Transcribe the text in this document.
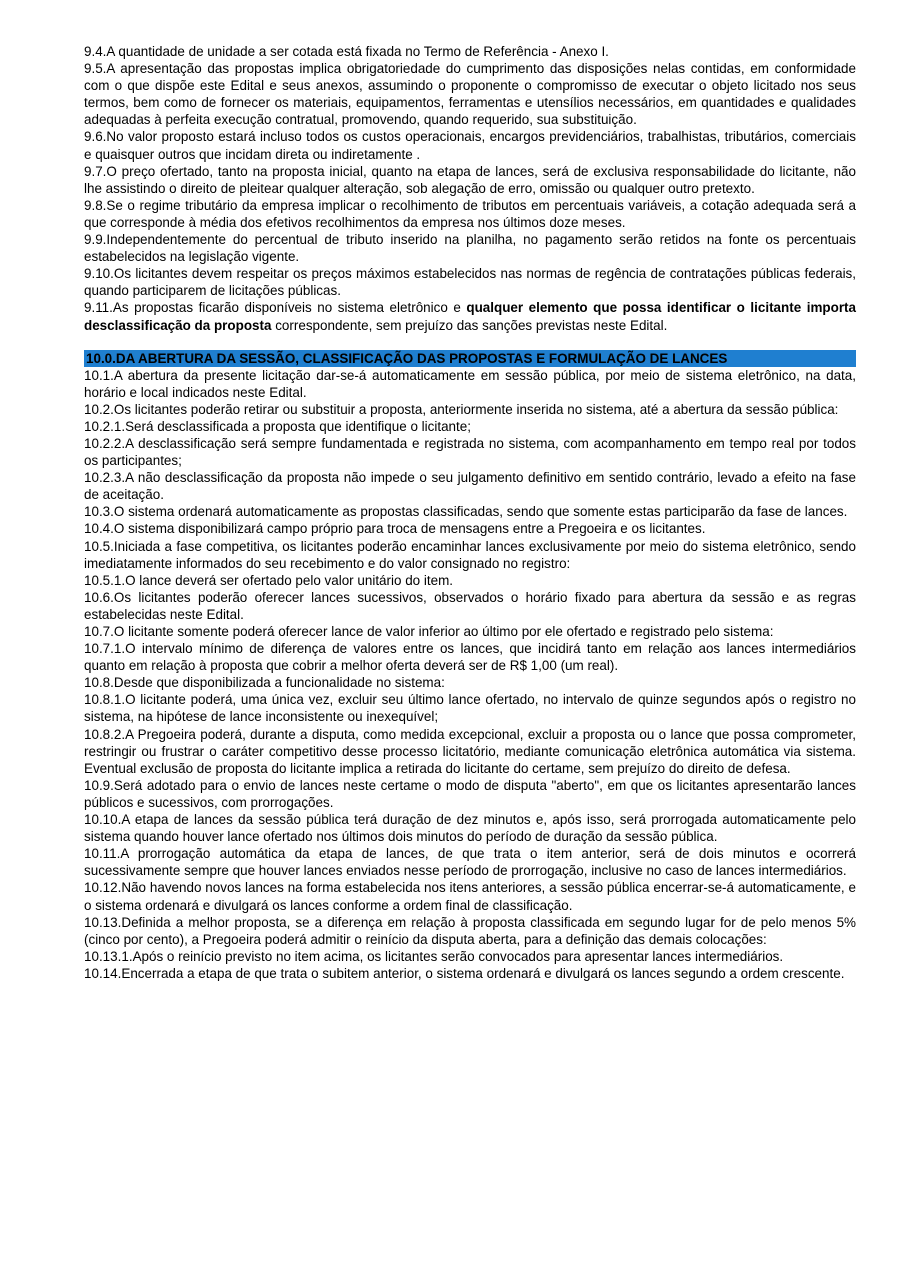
9.4.A quantidade de unidade a ser cotada está fixada no Termo de Referência - Anexo I.

9.5.A apresentação das propostas implica obrigatoriedade do cumprimento das disposições nelas contidas, em conformidade com o que dispõe este Edital e seus anexos, assumindo o proponente o compromisso de executar o objeto licitado nos seus termos, bem como de fornecer os materiais, equipamentos, ferramentas e utensílios necessários, em quantidades e qualidades adequadas à perfeita execução contratual, promovendo, quando requerido, sua substituição.

9.6.No valor proposto estará incluso todos os custos operacionais, encargos previdenciários, trabalhistas, tributários, comerciais e quaisquer outros que incidam direta ou indiretamente .

9.7.O preço ofertado, tanto na proposta inicial, quanto na etapa de lances, será de exclusiva responsabilidade do licitante, não lhe assistindo o direito de pleitear qualquer alteração, sob alegação de erro, omissão ou qualquer outro pretexto.

9.8.Se o regime tributário da empresa implicar o recolhimento de tributos em percentuais variáveis, a cotação adequada será a que corresponde à média dos efetivos recolhimentos da empresa nos últimos doze meses.

9.9.Independentemente do percentual de tributo inserido na planilha, no pagamento serão retidos na fonte os percentuais estabelecidos na legislação vigente.

9.10.Os licitantes devem respeitar os preços máximos estabelecidos nas normas de regência de contratações públicas federais, quando participarem de licitações públicas.

9.11.As propostas ficarão disponíveis no sistema eletrônico e qualquer elemento que possa identificar o licitante importa desclassificação da proposta correspondente, sem prejuízo das sanções previstas neste Edital.

10.0.DA ABERTURA DA SESSÃO, CLASSIFICAÇÃO DAS PROPOSTAS E FORMULAÇÃO DE LANCES

10.1.A abertura da presente licitação dar-se-á automaticamente em sessão pública, por meio de sistema eletrônico, na data, horário e local indicados neste Edital.

10.2.Os licitantes poderão retirar ou substituir a proposta, anteriormente inserida no sistema, até a abertura da sessão pública:

10.2.1.Será desclassificada a proposta que identifique o licitante;

10.2.2.A desclassificação será sempre fundamentada e registrada no sistema, com acompanhamento em tempo real por todos os participantes;

10.2.3.A não desclassificação da proposta não impede o seu julgamento definitivo em sentido contrário, levado a efeito na fase de aceitação.

10.3.O sistema ordenará automaticamente as propostas classificadas, sendo que somente estas participarão da fase de lances.

10.4.O sistema disponibilizará campo próprio para troca de mensagens entre a Pregoeira e os licitantes.

10.5.Iniciada a fase competitiva, os licitantes poderão encaminhar lances exclusivamente por meio do sistema eletrônico, sendo imediatamente informados do seu recebimento e do valor consignado no registro:

10.5.1.O lance deverá ser ofertado pelo valor unitário do item.

10.6.Os licitantes poderão oferecer lances sucessivos, observados o horário fixado para abertura da sessão e as regras estabelecidas neste Edital.

10.7.O licitante somente poderá oferecer lance de valor inferior ao último por ele ofertado e registrado pelo sistema:

10.7.1.O intervalo mínimo de diferença de valores entre os lances, que incidirá tanto em relação aos lances intermediários quanto em relação à proposta que cobrir a melhor oferta deverá ser de R$ 1,00 (um real).

10.8.Desde que disponibilizada a funcionalidade no sistema:

10.8.1.O licitante poderá, uma única vez, excluir seu último lance ofertado, no intervalo de quinze segundos após o registro no sistema, na hipótese de lance inconsistente ou inexequível;

10.8.2.A Pregoeira poderá, durante a disputa, como medida excepcional, excluir a proposta ou o lance que possa comprometer, restringir ou frustrar o caráter competitivo desse processo licitatório, mediante comunicação eletrônica automática via sistema. Eventual exclusão de proposta do licitante implica a retirada do licitante do certame, sem prejuízo do direito de defesa.

10.9.Será adotado para o envio de lances neste certame o modo de disputa "aberto", em que os licitantes apresentarão lances públicos e sucessivos, com prorrogações.

10.10.A etapa de lances da sessão pública terá duração de dez minutos e, após isso, será prorrogada automaticamente pelo sistema quando houver lance ofertado nos últimos dois minutos do período de duração da sessão pública.

10.11.A prorrogação automática da etapa de lances, de que trata o item anterior, será de dois minutos e ocorrerá sucessivamente sempre que houver lances enviados nesse período de prorrogação, inclusive no caso de lances intermediários.

10.12.Não havendo novos lances na forma estabelecida nos itens anteriores, a sessão pública encerrar-se-á automaticamente, e o sistema ordenará e divulgará os lances conforme a ordem final de classificação.

10.13.Definida a melhor proposta, se a diferença em relação à proposta classificada em segundo lugar for de pelo menos 5% (cinco por cento), a Pregoeira poderá admitir o reinício da disputa aberta, para a definição das demais colocações:

10.13.1.Após o reinício previsto no item acima, os licitantes serão convocados para apresentar lances intermediários.

10.14.Encerrada a etapa de que trata o subitem anterior, o sistema ordenará e divulgará os lances segundo a ordem crescente.
